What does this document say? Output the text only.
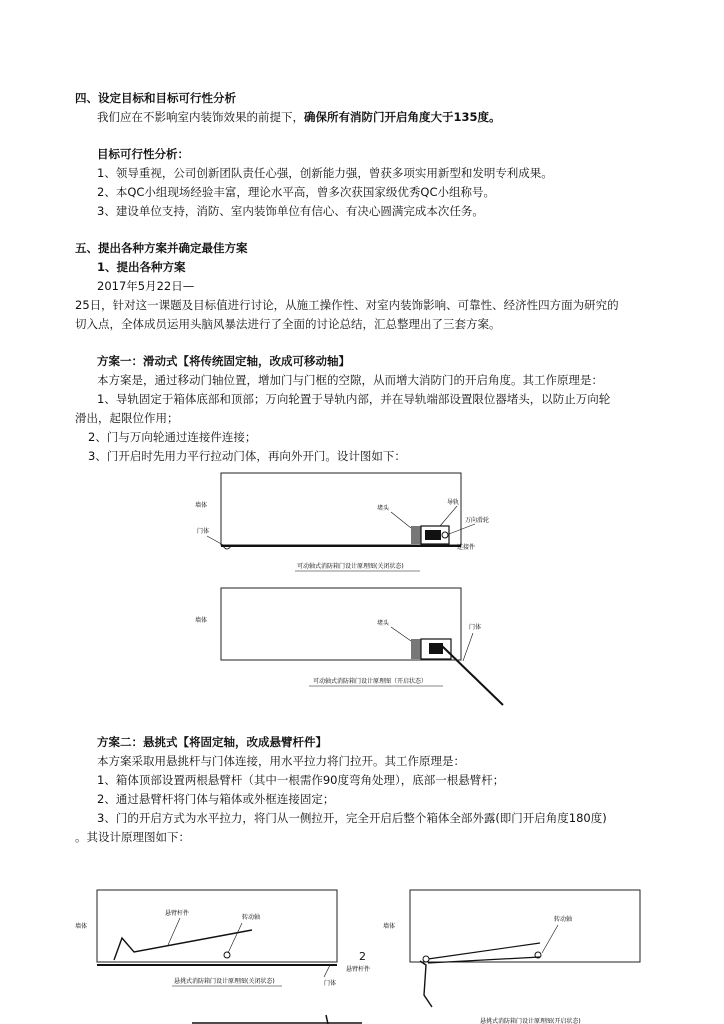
四、设定目标和目标可行性分析
我们应在不影响室内装饰效果的前提下，确保所有消防门开启角度大于135度。
目标可行性分析：
1、领导重视，公司创新团队责任心强，创新能力强，曾获多项实用新型和发明专利成果。
2、本QC小组现场经验丰富，理论水平高，曾多次获国家级优秀QC小组称号。
3、建设单位支持，消防、室内装饰单位有信心、有决心圆满完成本次任务。
五、提出各种方案并确定最佳方案
1、提出各种方案
2017年5月22日—
25日，针对这一课题及目标值进行讨论，从施工操作性、对室内装饰影响、可靠性、经济性四方面为研究的
切入点，全体成员运用头脑风暴法进行了全面的讨论总结，汇总整理出了三套方案。
方案一：滑动式【将传统固定轴，改成可移动轴】
本方案是，通过移动门轴位置，增加门与门框的空隙，从而增大消防门的开启角度。其工作原理是：
1、导轨固定于箱体底部和顶部；万向轮置于导轨内部，并在导轨端部设置限位器堵头，以防止万向轮
滑出，起限位作用；
2、门与万向轮通过连接件连接；
3、门开启时先用力平行拉动门体，再向外开门。设计图如下：
墙体	堵头
导轨
门体
万向滑轮
连接件
可动轴式消防箱门设计原理图(关闭状态)
墙体	堵头
门体
可动轴式消防箱门设计原理图（开启状态）
方案二：悬挑式【将固定轴，改成悬臂杆件】
本方案采取用悬挑杆与门体连接，用水平拉力将门拉开。其工作原理是：
1、箱体顶部设置两根悬臂杆（其中一根需作90度弯角处理），底部一根悬臂杆；
2、通过悬臂杆将门体与箱体或外框连接固定；
3、门的开启方式为水平拉力，将门从一侧拉开，完全开启后整个箱体全部外露(即门开启角度180度)
。其设计原理图如下：
墙体
悬臂杆件
转动轴
门体
悬挑式消防箱门设计原理图(关闭状态)
2
墙体
悬臂杆件
转动轴
悬挑式消防箱门设计原理图(开启状态)
